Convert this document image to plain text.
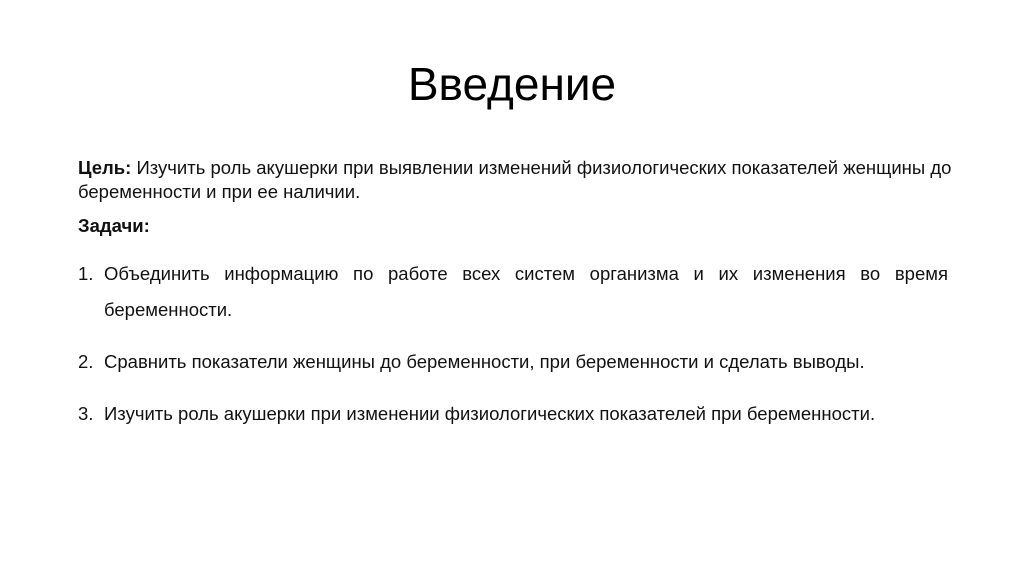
Введение
Цель: Изучить роль акушерки при выявлении изменений физиологических показателей женщины до беременности и при ее наличии.
Задачи:
1. Объединить информацию по работе всех систем организма и их изменения во время беременности.
2. Сравнить показатели женщины до беременности, при беременности и сделать выводы.
3. Изучить роль акушерки при изменении физиологических показателей при беременности.
